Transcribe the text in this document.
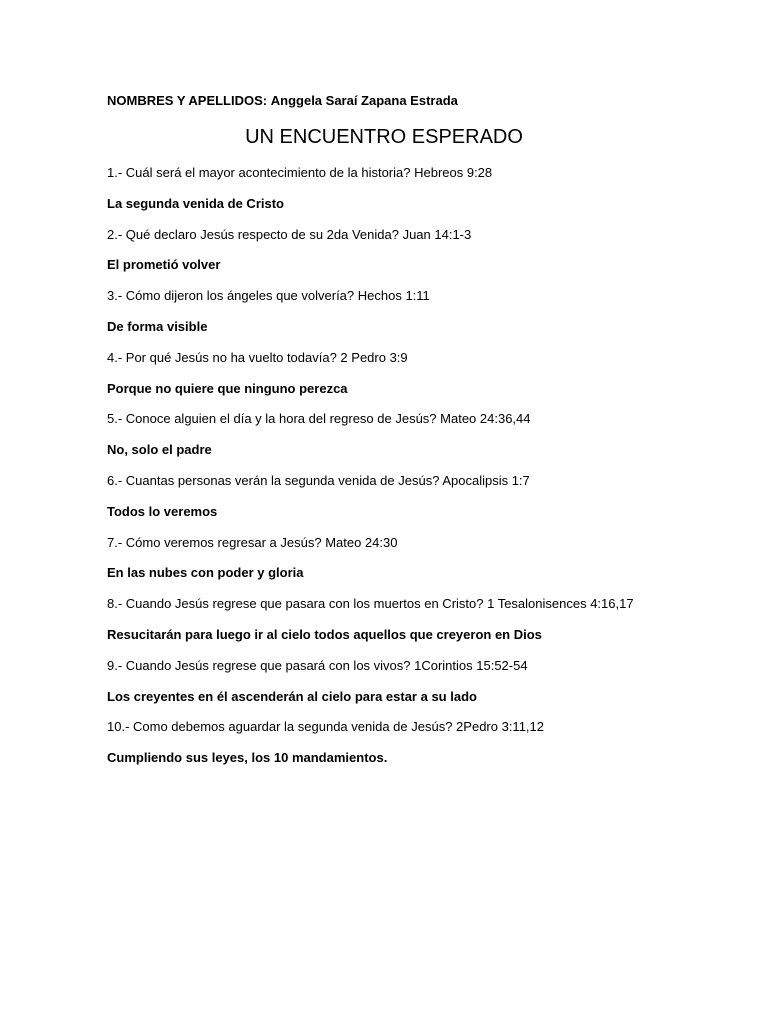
NOMBRES Y APELLIDOS: Anggela Saraí Zapana Estrada
UN ENCUENTRO ESPERADO

1.- Cuál será el mayor acontecimiento de la historia? Hebreos 9:28

La segunda venida de Cristo

2.- Qué declaro Jesús respecto de su 2da Venida? Juan 14:1-3

El prometió volver

3.- Cómo dijeron los ángeles que volvería? Hechos 1:11

De forma visible

4.- Por qué Jesús no ha vuelto todavía? 2 Pedro 3:9

Porque no quiere que ninguno perezca

5.- Conoce alguien el día y la hora del regreso de Jesús? Mateo 24:36,44

No, solo el padre

6.- Cuantas personas verán la segunda venida de Jesús? Apocalipsis 1:7

Todos lo veremos

7.- Cómo veremos regresar a Jesús? Mateo 24:30

En las nubes con poder y gloria

8.- Cuando Jesús regrese que pasara con los muertos en Cristo? 1 Tesalonisences 4:16,17

Resucitarán para luego ir al cielo todos aquellos que creyeron en Dios

9.- Cuando Jesús regrese que pasará con los vivos? 1Corintios 15:52-54

Los creyentes en él ascenderán al cielo para estar a su lado

10.- Como debemos aguardar la segunda venida de Jesús? 2Pedro 3:11,12

Cumpliendo sus leyes, los 10 mandamientos.
